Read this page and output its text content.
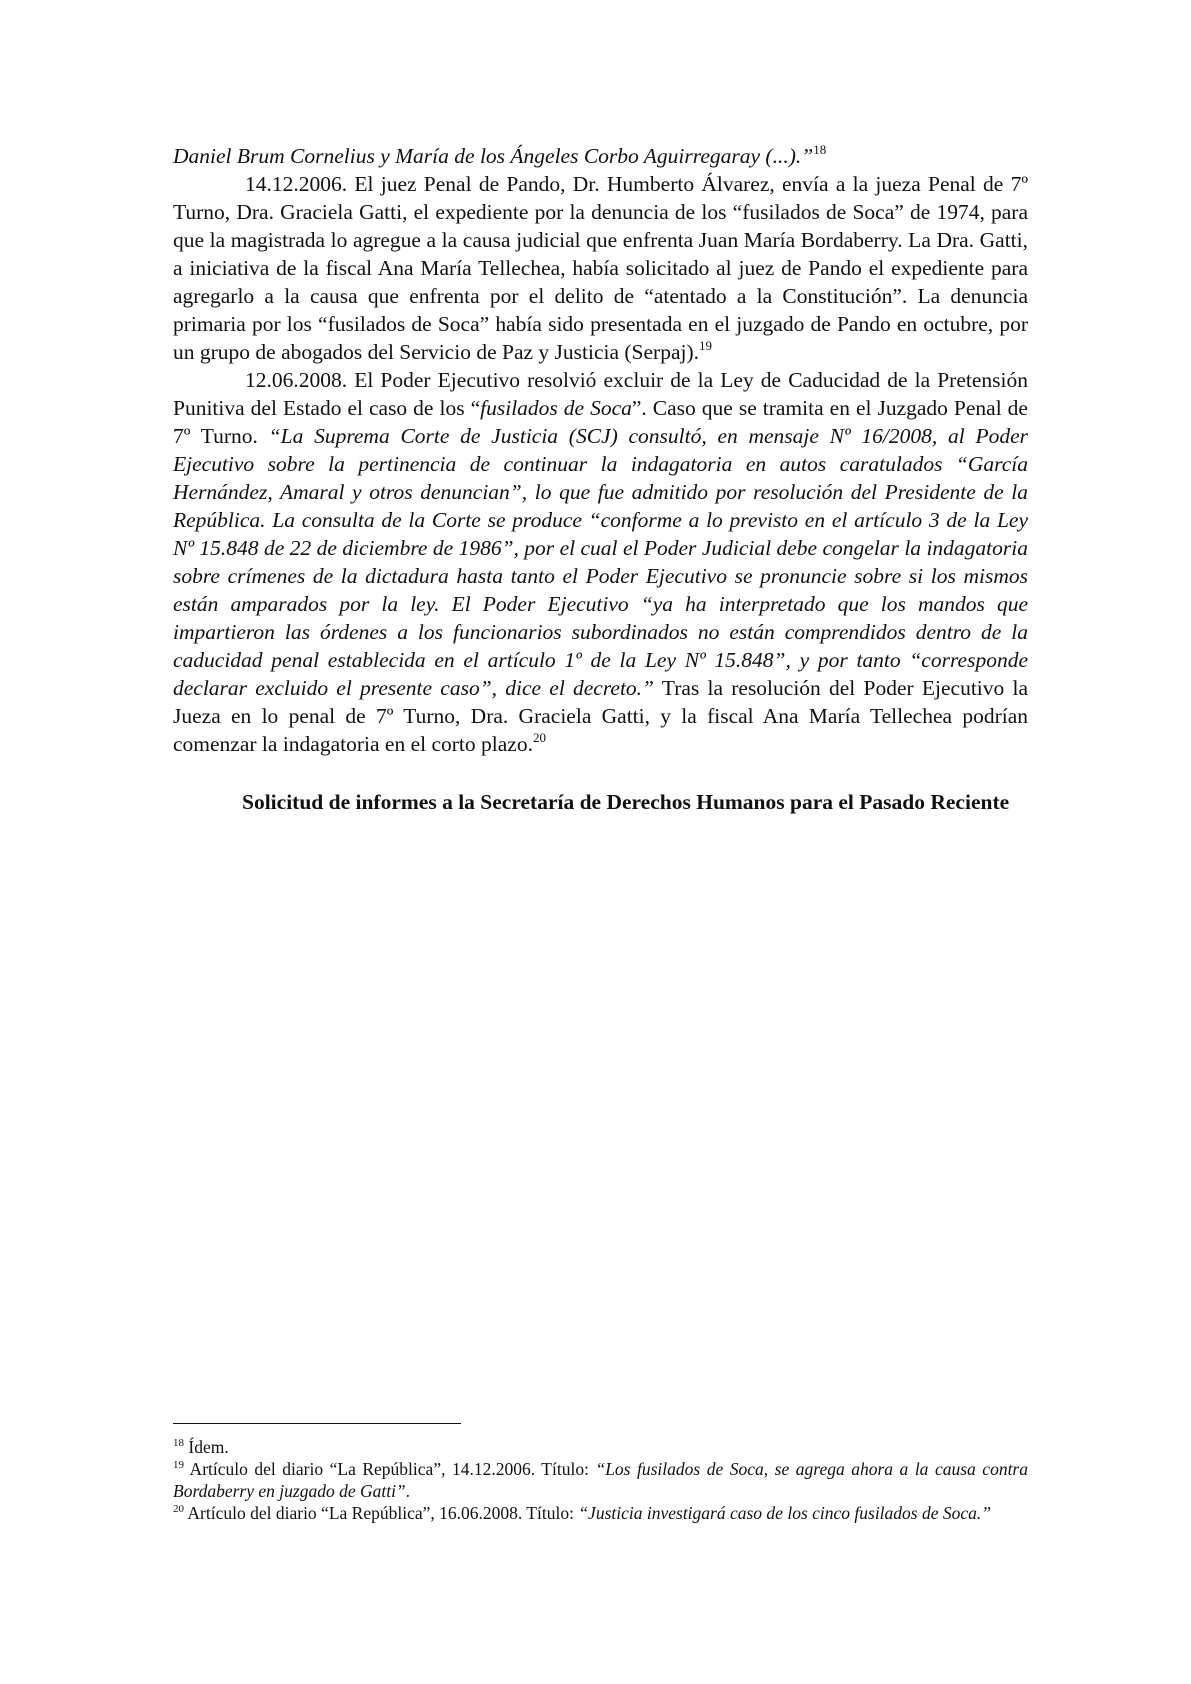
Daniel Brum Cornelius y María de los Ángeles Corbo Aguirregaray (...).”$^{18}$

14.12.2006. El juez Penal de Pando, Dr. Humberto Álvarez, envía a la jueza Penal de 7º Turno, Dra. Graciela Gatti, el expediente por la denuncia de los “fusilados de Soca” de 1974, para que la magistrada lo agregue a la causa judicial que enfrenta Juan María Bordaberry. La Dra. Gatti, a iniciativa de la fiscal Ana María Tellechea, había solicitado al juez de Pando el expediente para agregarlo a la causa que enfrenta por el delito de “atentado a la Constitución”. La denuncia primaria por los “fusilados de Soca” había sido presentada en el juzgado de Pando en octubre, por un grupo de abogados del Servicio de Paz y Justicia (Serpaj).$^{19}$

12.06.2008. El Poder Ejecutivo resolvió excluir de la Ley de Caducidad de la Pretensión Punitiva del Estado el caso de los “fusilados de Soca”. Caso que se tramita en el Juzgado Penal de 7º Turno. “La Suprema Corte de Justicia (SCJ) consultó, en mensaje Nº 16/2008, al Poder Ejecutivo sobre la pertinencia de continuar la indagatoria en autos caratulados “García Hernández, Amaral y otros denuncian”, lo que fue admitido por resolución del Presidente de la República. La consulta de la Corte se produce “conforme a lo previsto en el artículo 3 de la Ley Nº 15.848 de 22 de diciembre de 1986”, por el cual el Poder Judicial debe congelar la indagatoria sobre crímenes de la dictadura hasta tanto el Poder Ejecutivo se pronuncie sobre si los mismos están amparados por la ley. El Poder Ejecutivo “ya ha interpretado que los mandos que impartieron las órdenes a los funcionarios subordinados no están comprendidos dentro de la caducidad penal establecida en el artículo 1º de la Ley Nº 15.848”, y por tanto “corresponde declarar excluido el presente caso”, dice el decreto.” Tras la resolución del Poder Ejecutivo la Jueza en lo penal de 7º Turno, Dra. Graciela Gatti, y la fiscal Ana María Tellechea podrían comenzar la indagatoria en el corto plazo.$^{20}$

Solicitud de informes a la Secretaría de Derechos Humanos para el Pasado Reciente

$^{18}$ Ídem.

$^{19}$ Artículo del diario “La República”, 14.12.2006. Título: “Los fusilados de Soca, se agrega ahora a la causa contra Bordaberry en juzgado de Gatti”.

$^{20}$ Artículo del diario “La República”, 16.06.2008. Título: “Justicia investigará caso de los cinco fusilados de Soca.”
